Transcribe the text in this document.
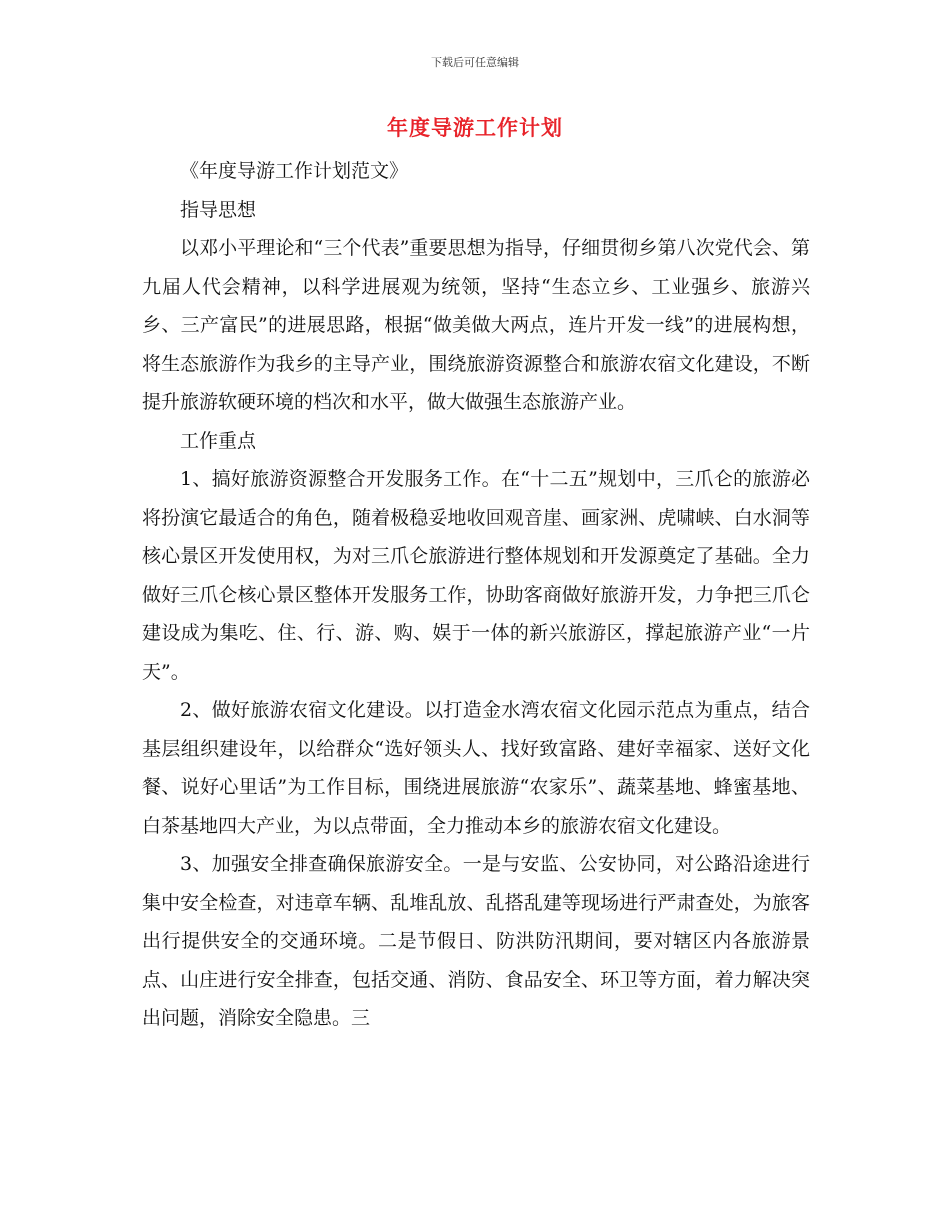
下载后可任意编辑
年度导游工作计划

《年度导游工作计划范文》

指导思想

以邓小平理论和“三个代表”重要思想为指导，仔细贯彻乡第八次党代会、第九届人代会精神，以科学进展观为统领，坚持“生态立乡、工业强乡、旅游兴乡、三产富民”的进展思路，根据“做美做大两点，连片开发一线”的进展构想，将生态旅游作为我乡的主导产业，围绕旅游资源整合和旅游农宿文化建设，不断提升旅游软硬环境的档次和水平，做大做强生态旅游产业。

工作重点

1、搞好旅游资源整合开发服务工作。在“十二五”规划中，三爪仑的旅游必将扮演它最适合的角色，随着极稳妥地收回观音崖、画家洲、虎啸峡、白水洞等核心景区开发使用权，为对三爪仑旅游进行整体规划和开发源奠定了基础。全力做好三爪仑核心景区整体开发服务工作，协助客商做好旅游开发，力争把三爪仑建设成为集吃、住、行、游、购、娱于一体的新兴旅游区，撑起旅游产业“一片天”。

2、做好旅游农宿文化建设。以打造金水湾农宿文化园示范点为重点，结合基层组织建设年，以给群众“选好领头人、找好致富路、建好幸福家、送好文化餐、说好心里话”为工作目标，围绕进展旅游“农家乐”、蔬菜基地、蜂蜜基地、白茶基地四大产业，为以点带面，全力推动本乡的旅游农宿文化建设。

3、加强安全排查确保旅游安全。一是与安监、公安协同，对公路沿途进行集中安全检查，对违章车辆、乱堆乱放、乱搭乱建等现场进行严肃查处，为旅客出行提供安全的交通环境。二是节假日、防洪防汛期间，要对辖区内各旅游景点、山庄进行安全排查，包括交通、消防、食品安全、环卫等方面，着力解决突出问题，消除安全隐患。三
